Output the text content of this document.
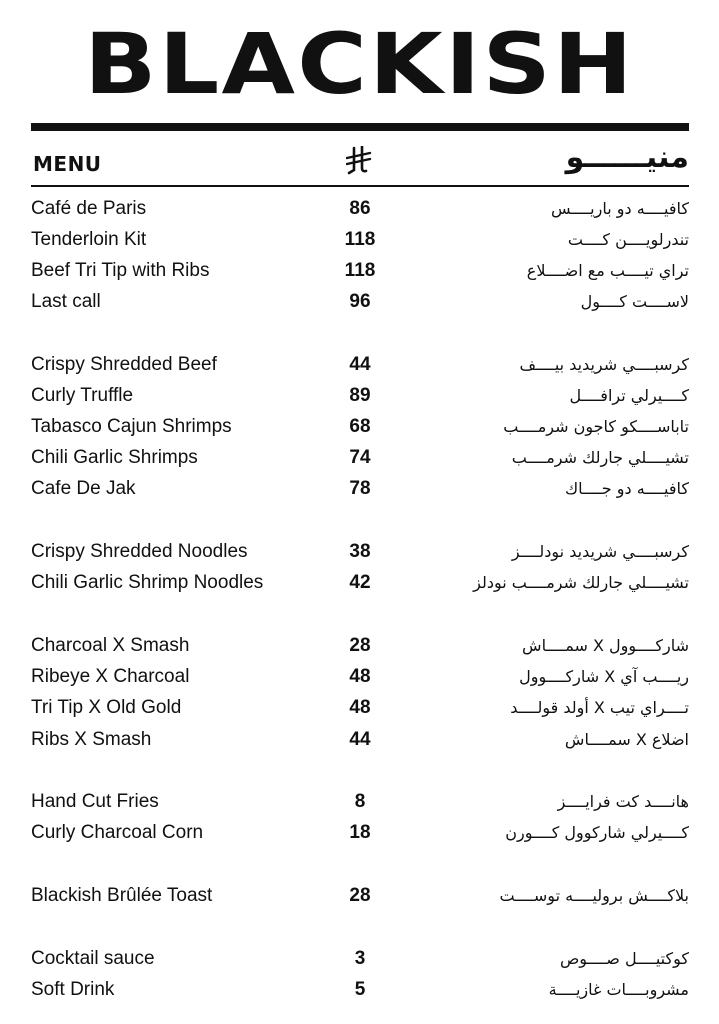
BLACKISH
MENU	منيــــــو
Café de Paris	86	كافيــــه دو باريــــس
Tenderloin Kit	118	تندرلويــــن كــــت
Beef Tri Tip with Ribs	118	تراي تيــــب مع اضــــلاع
Last call	96	لاســــت كــــول
Crispy Shredded Beef	44	كرسبــــي شريديد بيــــف
Curly Truffle	89	كــــيرلي ترافــــل
Tabasco Cajun Shrimps	68	تاباســــكو كاجون شرمــــب
Chili Garlic Shrimps	74	تشيــــلي جارلك شرمــــب
Cafe De Jak	78	كافيــــه دو جــــاك
Crispy Shredded Noodles	38	كرسبــــي شريديد نودلــــز
Chili Garlic Shrimp Noodles	42	تشيــــلي جارلك شرمــــب نودلز
Charcoal X Smash	28	شاركــــوول X سمــــاش
Ribeye X Charcoal	48	ريــــب آي X شاركــــوول
Tri Tip X Old Gold	48	تــــراي تيب X أولد قولــــد
Ribs X Smash	44	اضلاع X سمــــاش
Hand Cut Fries	8	هانــــد كت فرايــــز
Curly Charcoal Corn	18	كــــيرلي شاركوول كــــورن
Blackish Brûlée Toast	28	بلاكــــش بروليــــه توســــت
Cocktail sauce	3	كوكتيــــل صــــوص
Soft Drink	5	مشروبــــات غازيــــة
